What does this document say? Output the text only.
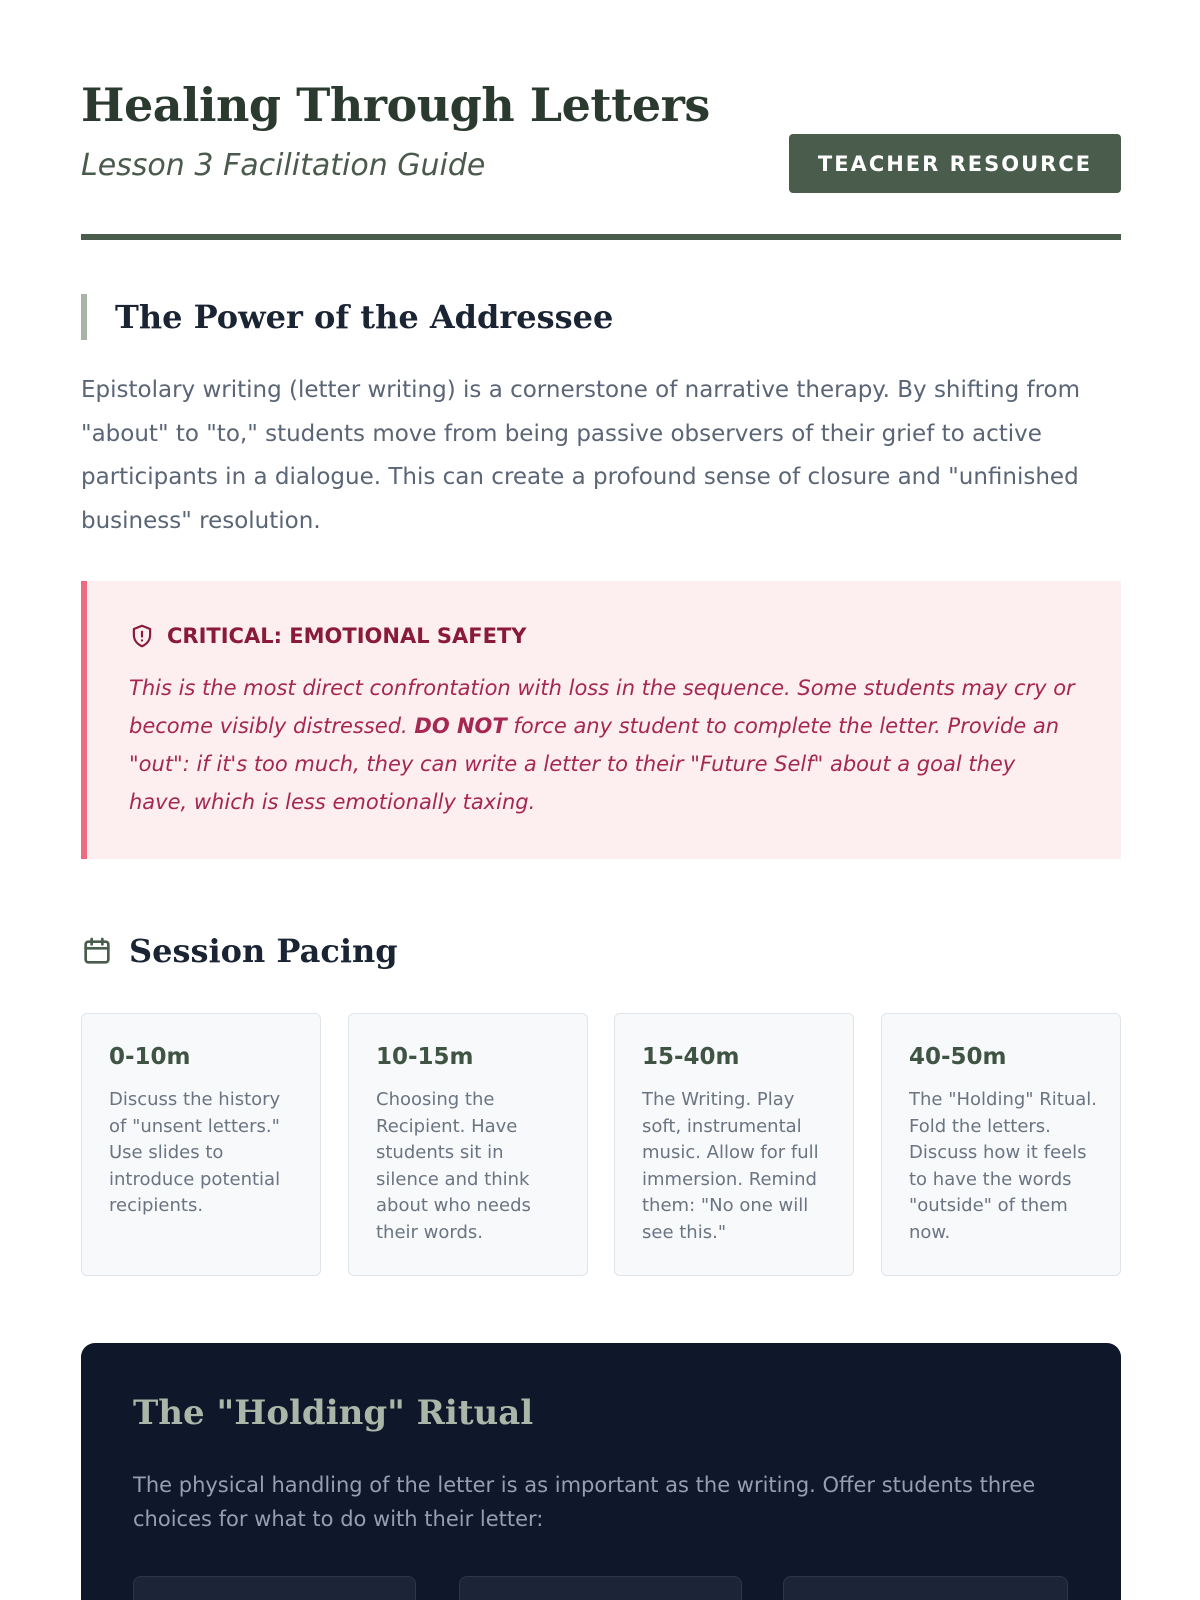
Healing Through Letters
Lesson 3 Facilitation Guide	TEACHER RESOURCE
The Power of the Addressee

Epistolary writing (letter writing) is a cornerstone of narrative therapy. By shifting from "about" to "to," students move from being passive observers of their grief to active participants in a dialogue. This can create a profound sense of closure and "unfinished business" resolution.

CRITICAL: EMOTIONAL SAFETY

This is the most direct confrontation with loss in the sequence. Some students may cry or become visibly distressed. DO NOT force any student to complete the letter. Provide an "out": if it's too much, they can write a letter to their "Future Self" about a goal they have, which is less emotionally taxing.

Session Pacing
0-10m
Discuss the history of "unsent letters." Use slides to introduce potential recipients.
10-15m
Choosing the Recipient. Have students sit in silence and think about who needs their words.
15-40m
The Writing. Play soft, instrumental music. Allow for full immersion. Remind them: "No one will see this."
40-50m
The "Holding" Ritual. Fold the letters. Discuss how it feels to have the words "outside" of them now.
The "Holding" Ritual

The physical handling of the letter is as important as the writing. Offer students three choices for what to do with their letter:
